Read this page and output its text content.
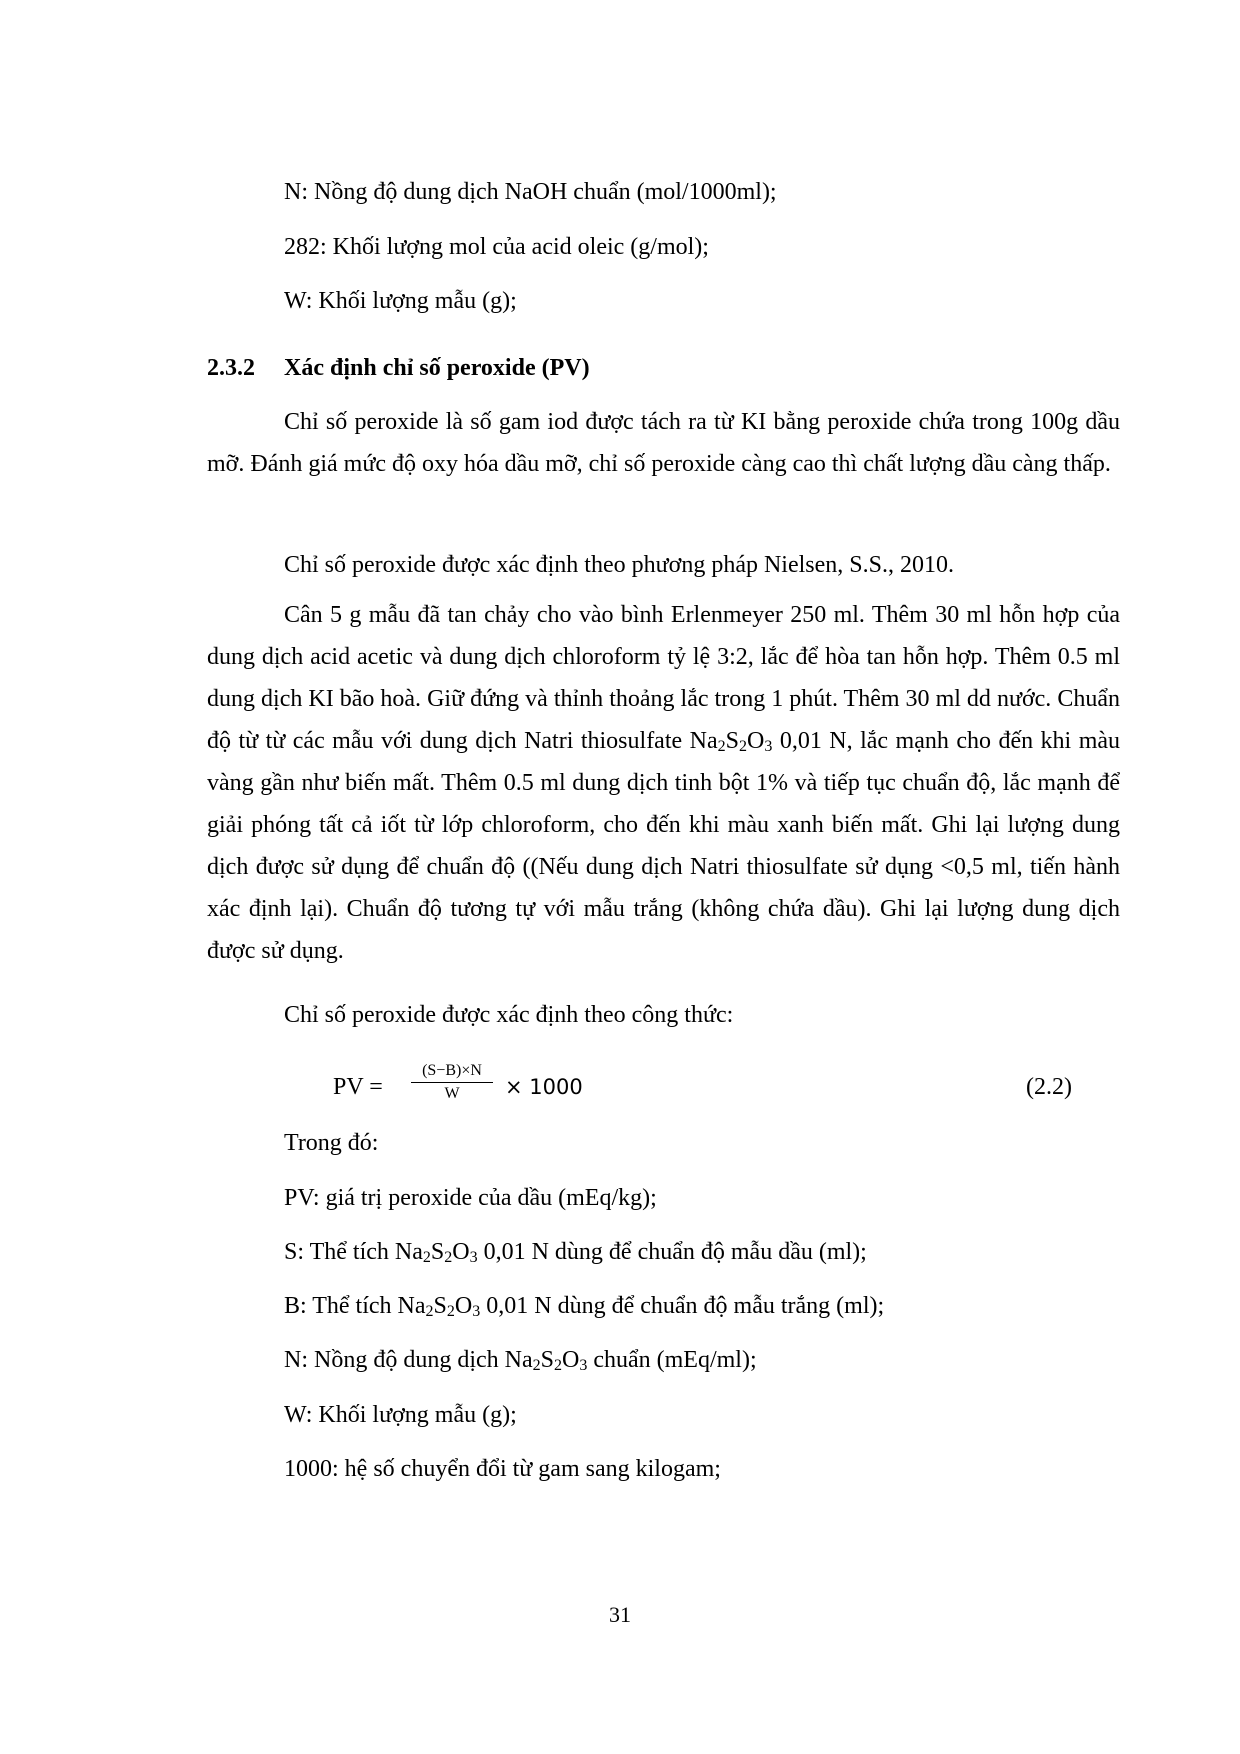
N: Nồng độ dung dịch NaOH chuẩn (mol/1000ml);
282: Khối lượng mol của acid oleic (g/mol);
W: Khối lượng mẫu (g);
2.3.2 Xác định chỉ số peroxide (PV)
Chỉ số peroxide là số gam iod được tách ra từ KI bằng peroxide chứa trong 100g dầu mỡ. Đánh giá mức độ oxy hóa dầu mỡ, chỉ số peroxide càng cao thì chất lượng dầu càng thấp.
Chỉ số peroxide được xác định theo phương pháp Nielsen, S.S., 2010.
Cân 5 g mẫu đã tan chảy cho vào bình Erlenmeyer 250 ml. Thêm 30 ml hỗn hợp của dung dịch acid acetic và dung dịch chloroform tỷ lệ 3:2, lắc để hòa tan hỗn hợp. Thêm 0.5 ml dung dịch KI bão hoà. Giữ đứng và thỉnh thoảng lắc trong 1 phút. Thêm 30 ml dd nước. Chuẩn độ từ từ các mẫu với dung dịch Natri thiosulfate Na2S2O3 0,01 N, lắc mạnh cho đến khi màu vàng gần như biến mất. Thêm 0.5 ml dung dịch tinh bột 1% và tiếp tục chuẩn độ, lắc mạnh để giải phóng tất cả iốt từ lớp chloroform, cho đến khi màu xanh biến mất. Ghi lại lượng dung dịch được sử dụng để chuẩn độ ((Nếu dung dịch Natri thiosulfate sử dụng <0,5 ml, tiến hành xác định lại). Chuẩn độ tương tự với mẫu trắng (không chứa dầu). Ghi lại lượng dung dịch được sử dụng.
Chỉ số peroxide được xác định theo công thức:
PV =
(S−B)×N
W	× 1000	(2.2)
Trong đó:
PV: giá trị peroxide của dầu (mEq/kg);
S: Thể tích Na2S2O3 0,01 N dùng để chuẩn độ mẫu dầu (ml);
B: Thể tích Na2S2O3 0,01 N dùng để chuẩn độ mẫu trắng (ml);
N: Nồng độ dung dịch Na2S2O3 chuẩn (mEq/ml);
W: Khối lượng mẫu (g);
1000: hệ số chuyển đổi từ gam sang kilogam;
31
